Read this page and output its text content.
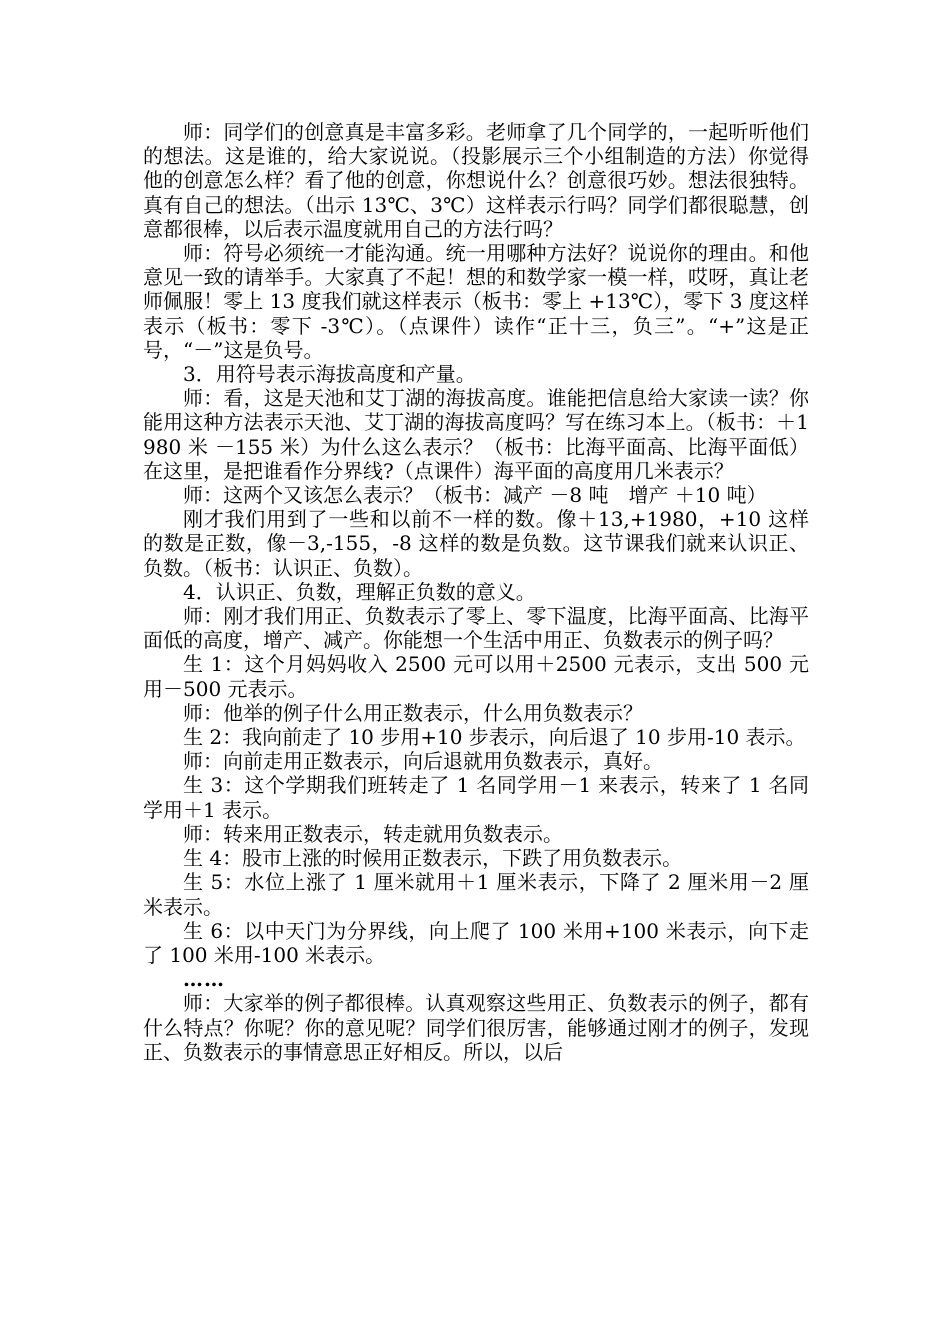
师：同学们的创意真是丰富多彩。老师拿了几个同学的，一起听听他们的想法。这是谁的，给大家说说。（投影展示三个小组制造的方法）你觉得他的创意怎么样？看了他的创意，你想说什么？创意很巧妙。想法很独特。真有自己的想法。（出示 13℃、3℃）这样表示行吗？同学们都很聪慧，创意都很棒，以后表示温度就用自己的方法行吗？

师：符号必须统一才能沟通。统一用哪种方法好？说说你的理由。和他意见一致的请举手。大家真了不起！想的和数学家一模一样，哎呀，真让老师佩服！零上 13 度我们就这样表示（板书：零上 +13℃），零下 3 度这样表示（板书：零下 -3℃）。（点课件）读作“正十三，负三”。“+”这是正号，“－”这是负号。

3．用符号表示海拔高度和产量。

师：看，这是天池和艾丁湖的海拔高度。谁能把信息给大家读一读？你能用这种方法表示天池、艾丁湖的海拔高度吗？写在练习本上。（板书：＋1980 米 －155 米）为什么这么表示？（板书：比海平面高、比海平面低）在这里，是把谁看作分界线?（点课件）海平面的高度用几米表示？

师：这两个又该怎么表示？（板书：减产 －8 吨　增产 ＋10 吨）

刚才我们用到了一些和以前不一样的数。像＋13,+1980，+10 这样的数是正数，像－3,-155，-8 这样的数是负数。这节课我们就来认识正、负数。（板书：认识正、负数）。

4．认识正、负数，理解正负数的意义。

师：刚才我们用正、负数表示了零上、零下温度，比海平面高、比海平面低的高度，增产、减产。你能想一个生活中用正、负数表示的例子吗？

生 1：这个月妈妈收入 2500 元可以用＋2500 元表示，支出 500 元用－500 元表示。

师：他举的例子什么用正数表示，什么用负数表示？

生 2：我向前走了 10 步用+10 步表示，向后退了 10 步用-10 表示。

师：向前走用正数表示，向后退就用负数表示，真好。

生 3：这个学期我们班转走了 1 名同学用－1 来表示，转来了 1 名同学用＋1 表示。

师：转来用正数表示，转走就用负数表示。

生 4：股市上涨的时候用正数表示，下跌了用负数表示。

生 5：水位上涨了 1 厘米就用＋1 厘米表示，下降了 2 厘米用－2 厘米表示。

生 6：以中天门为分界线，向上爬了 100 米用+100 米表示，向下走了 100 米用-100 米表示。

……

师：大家举的例子都很棒。认真观察这些用正、负数表示的例子，都有什么特点？你呢？你的意见呢？同学们很厉害，能够通过刚才的例子，发现正、负数表示的事情意思正好相反。所以，以后
